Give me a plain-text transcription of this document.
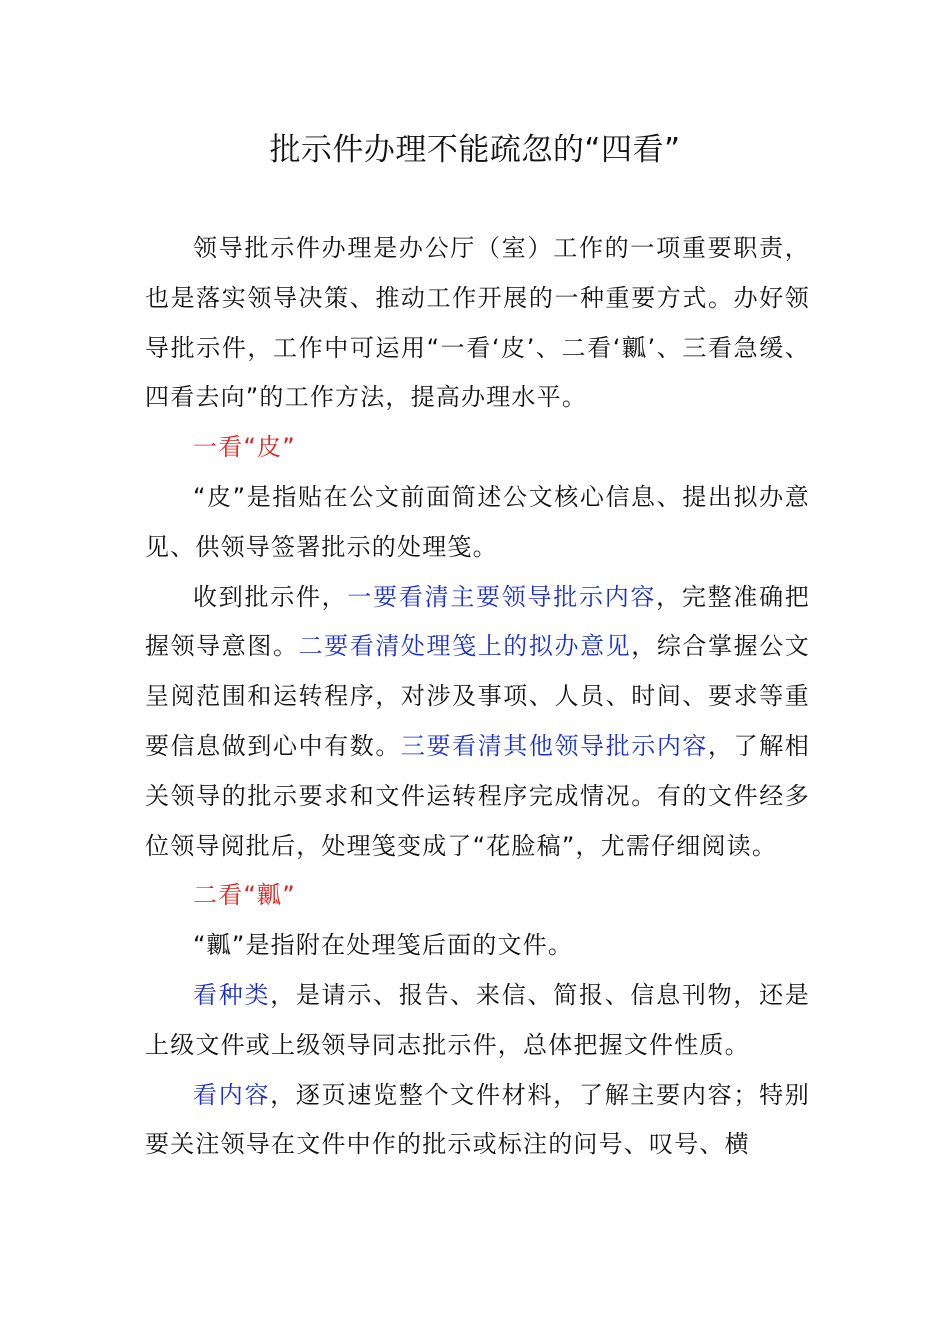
批示件办理不能疏忽的“四看”

领导批示件办理是办公厅（室）工作的一项重要职责，也是落实领导决策、推动工作开展的一种重要方式。办好领导批示件，工作中可运用“一看‘皮’、二看‘瓤’、三看急缓、四看去向”的工作方法，提高办理水平。

一看“皮”

“皮”是指贴在公文前面简述公文核心信息、提出拟办意见、供领导签署批示的处理笺。

收到批示件，一要看清主要领导批示内容，完整准确把握领导意图。二要看清处理笺上的拟办意见，综合掌握公文呈阅范围和运转程序，对涉及事项、人员、时间、要求等重要信息做到心中有数。三要看清其他领导批示内容，了解相关领导的批示要求和文件运转程序完成情况。有的文件经多位领导阅批后，处理笺变成了“花脸稿”，尤需仔细阅读。

二看“瓤”

“瓤”是指附在处理笺后面的文件。

看种类，是请示、报告、来信、简报、信息刊物，还是上级文件或上级领导同志批示件，总体把握文件性质。

看内容，逐页速览整个文件材料，了解主要内容；特别要关注领导在文件中作的批示或标注的问号、叹号、横
